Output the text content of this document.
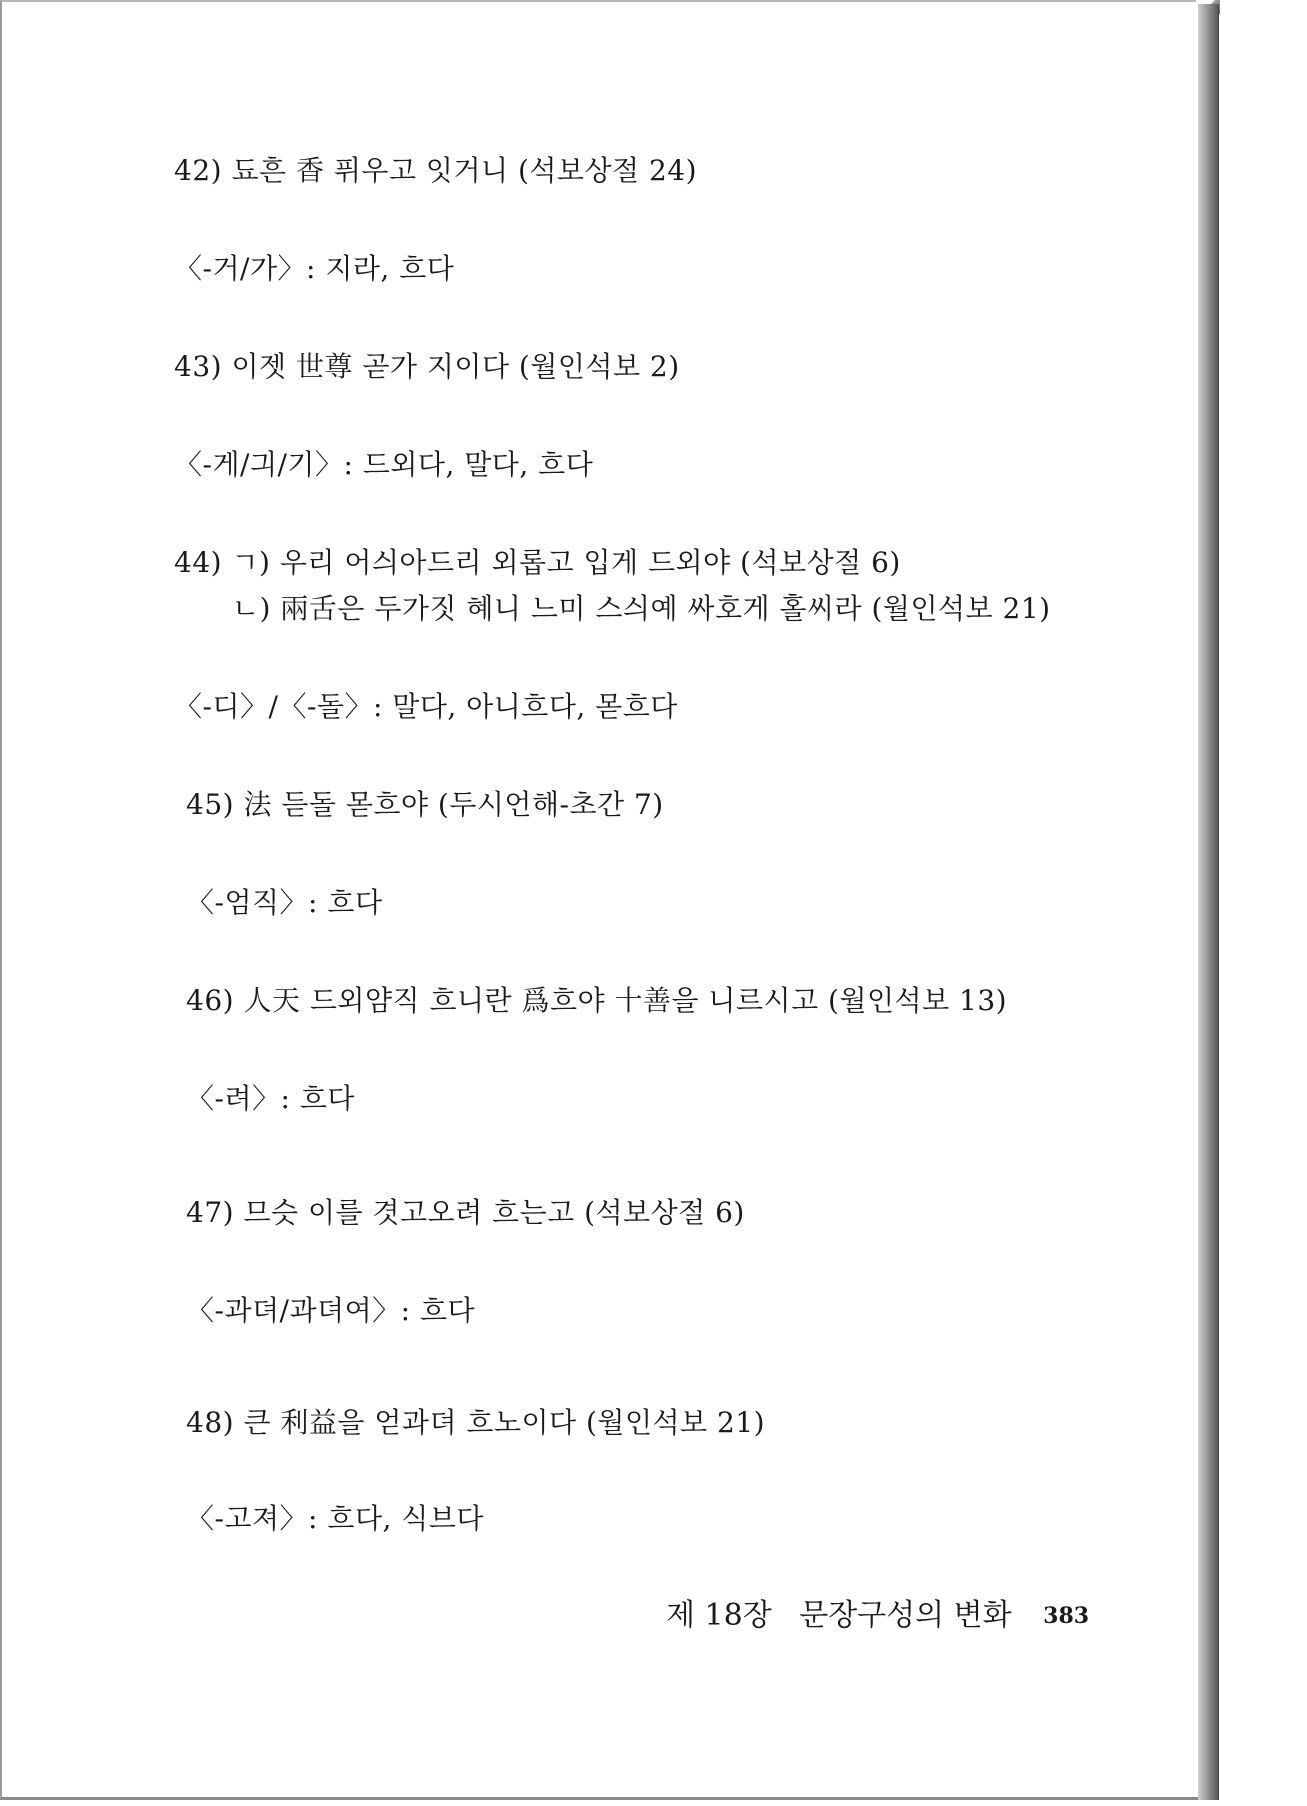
42) 됴흔 香 퓌우고 잇거니 (석보상절 24)
〈-거/가〉: 지라, 흐다
43) 이젯 世尊 곧가 지이다 (월인석보 2)
〈-게/긔/기〉: 드외다, 말다, 흐다
44) ㄱ) 우리 어싀아드리 외롭고 입게 드외야 (석보상절 6)
ㄴ) 兩舌은 두가짓 혜니 느미 스싀예 싸호게 홀씨라 (월인석보 21)
〈-디〉/〈-돌〉: 말다, 아니흐다, 몯흐다
45) 法 듣돌 몯흐야 (두시언해-초간 7)
〈-엄직〉: 흐다
46) 人天 드외얌직 흐니란 爲흐야 十善을 니르시고 (월인석보 13)
〈-려〉: 흐다
47) 므슷 이를 겻고오려 흐는고 (석보상절 6)
〈-과뎌/과뎌여〉: 흐다
48) 큰 利益을 얻과뎌 흐노이다 (월인석보 21)
〈-고져〉: 흐다, 식브다
제 18장 문장구성의 변화 383
